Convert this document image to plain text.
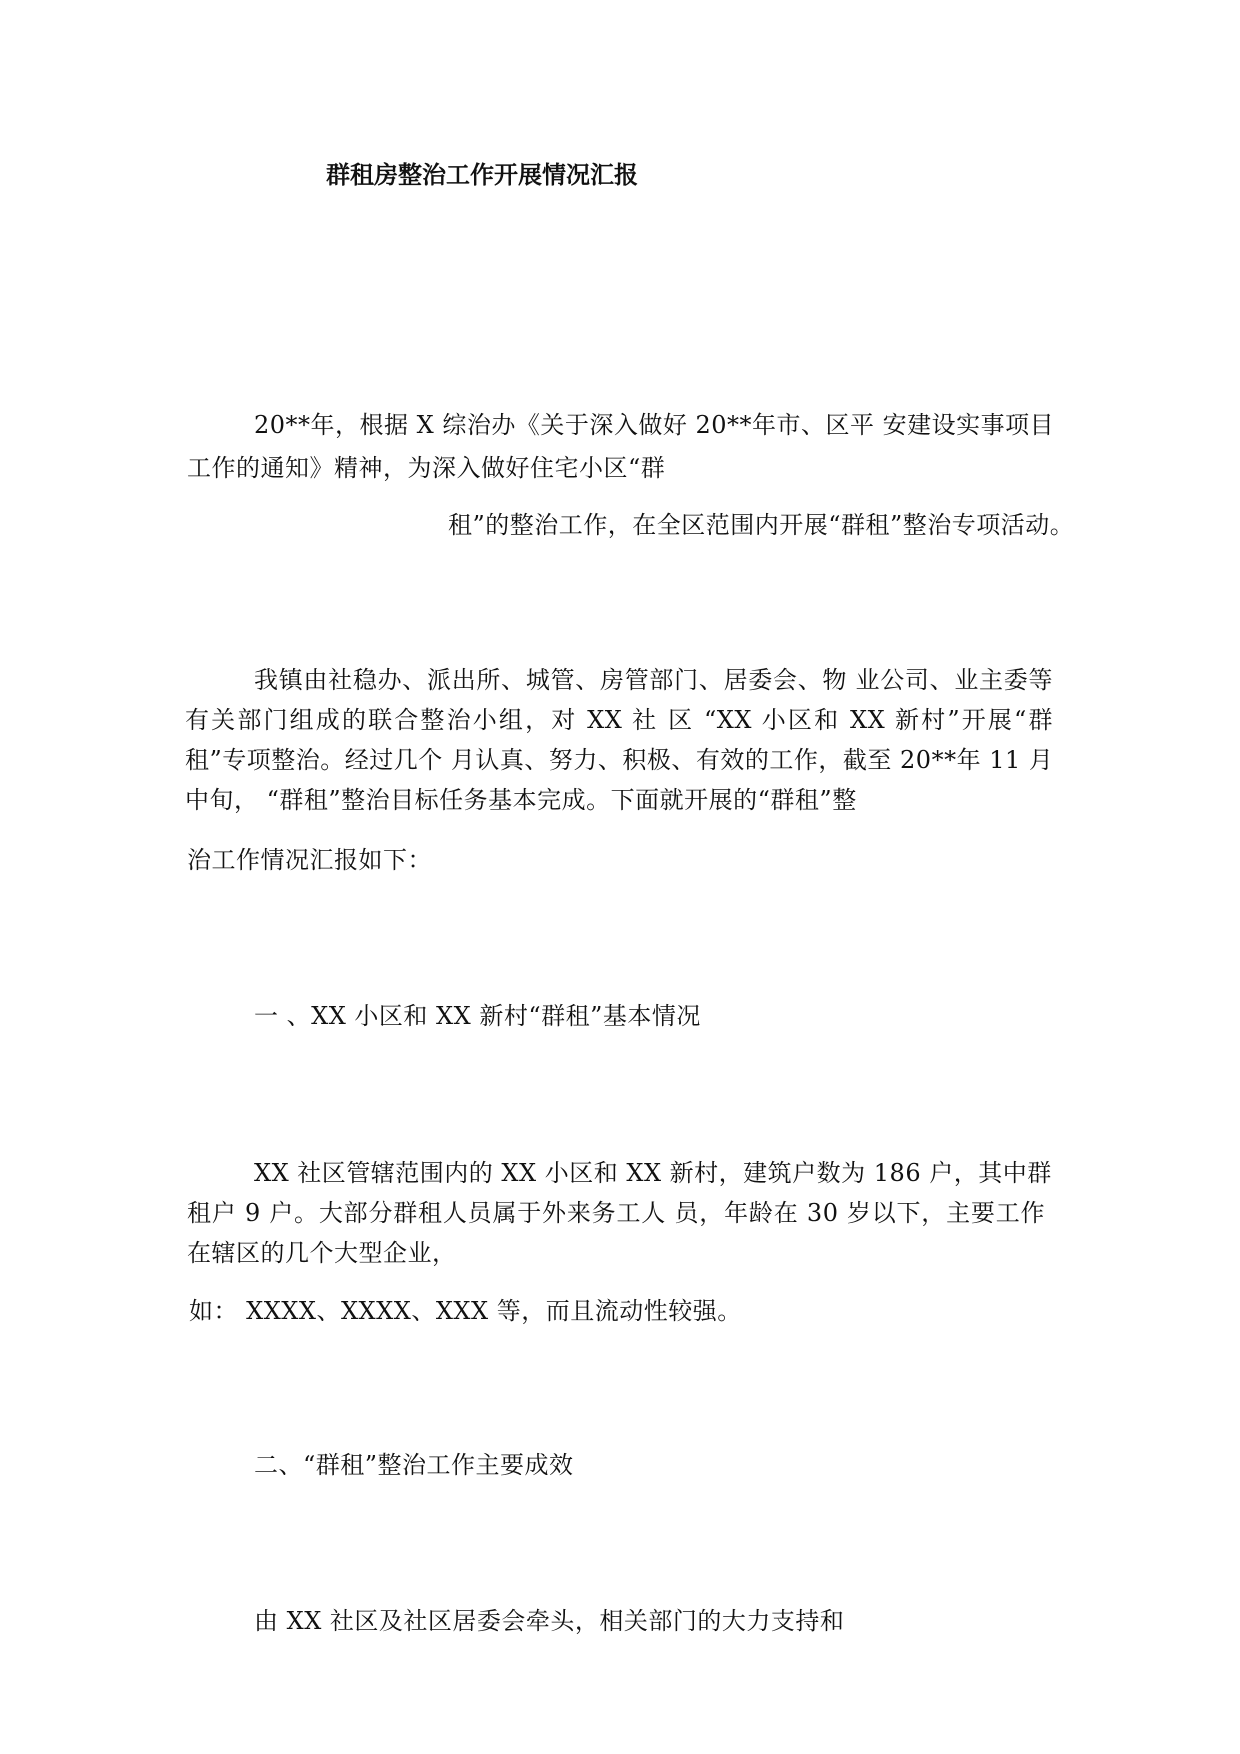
群租房整治工作开展情况汇报
20**年，根据 X 综治办《关于深入做好 20**年市、区平 安建设实事项目
工作的通知》精神，为深入做好住宅小区“群
租”的整治工作，在全区范围内开展“群租”整治专项活动。
我镇由社稳办、派出所、城管、房管部门、居委会、物 业公司、业主委等
有关部门组成的联合整治小组，对 XX 社 区 “XX 小区和 XX 新村”开展“群
租”专项整治。经过几个 月认真、努力、积极、有效的工作，截至 20**年 11 月
中旬， “群租”整治目标任务基本完成。下面就开展的“群租”整
治工作情况汇报如下：
一 、XX 小区和 XX 新村“群租”基本情况
XX 社区管辖范围内的 XX 小区和 XX 新村，建筑户数为 186 户，其中群
租户 9 户。大部分群租人员属于外来务工人 员，年龄在 30 岁以下，主要工作
在辖区的几个大型企业，
如： XXXX、XXXX、XXX 等，而且流动性较强。
二、“群租”整治工作主要成效
由 XX 社区及社区居委会牵头，相关部门的大力支持和
